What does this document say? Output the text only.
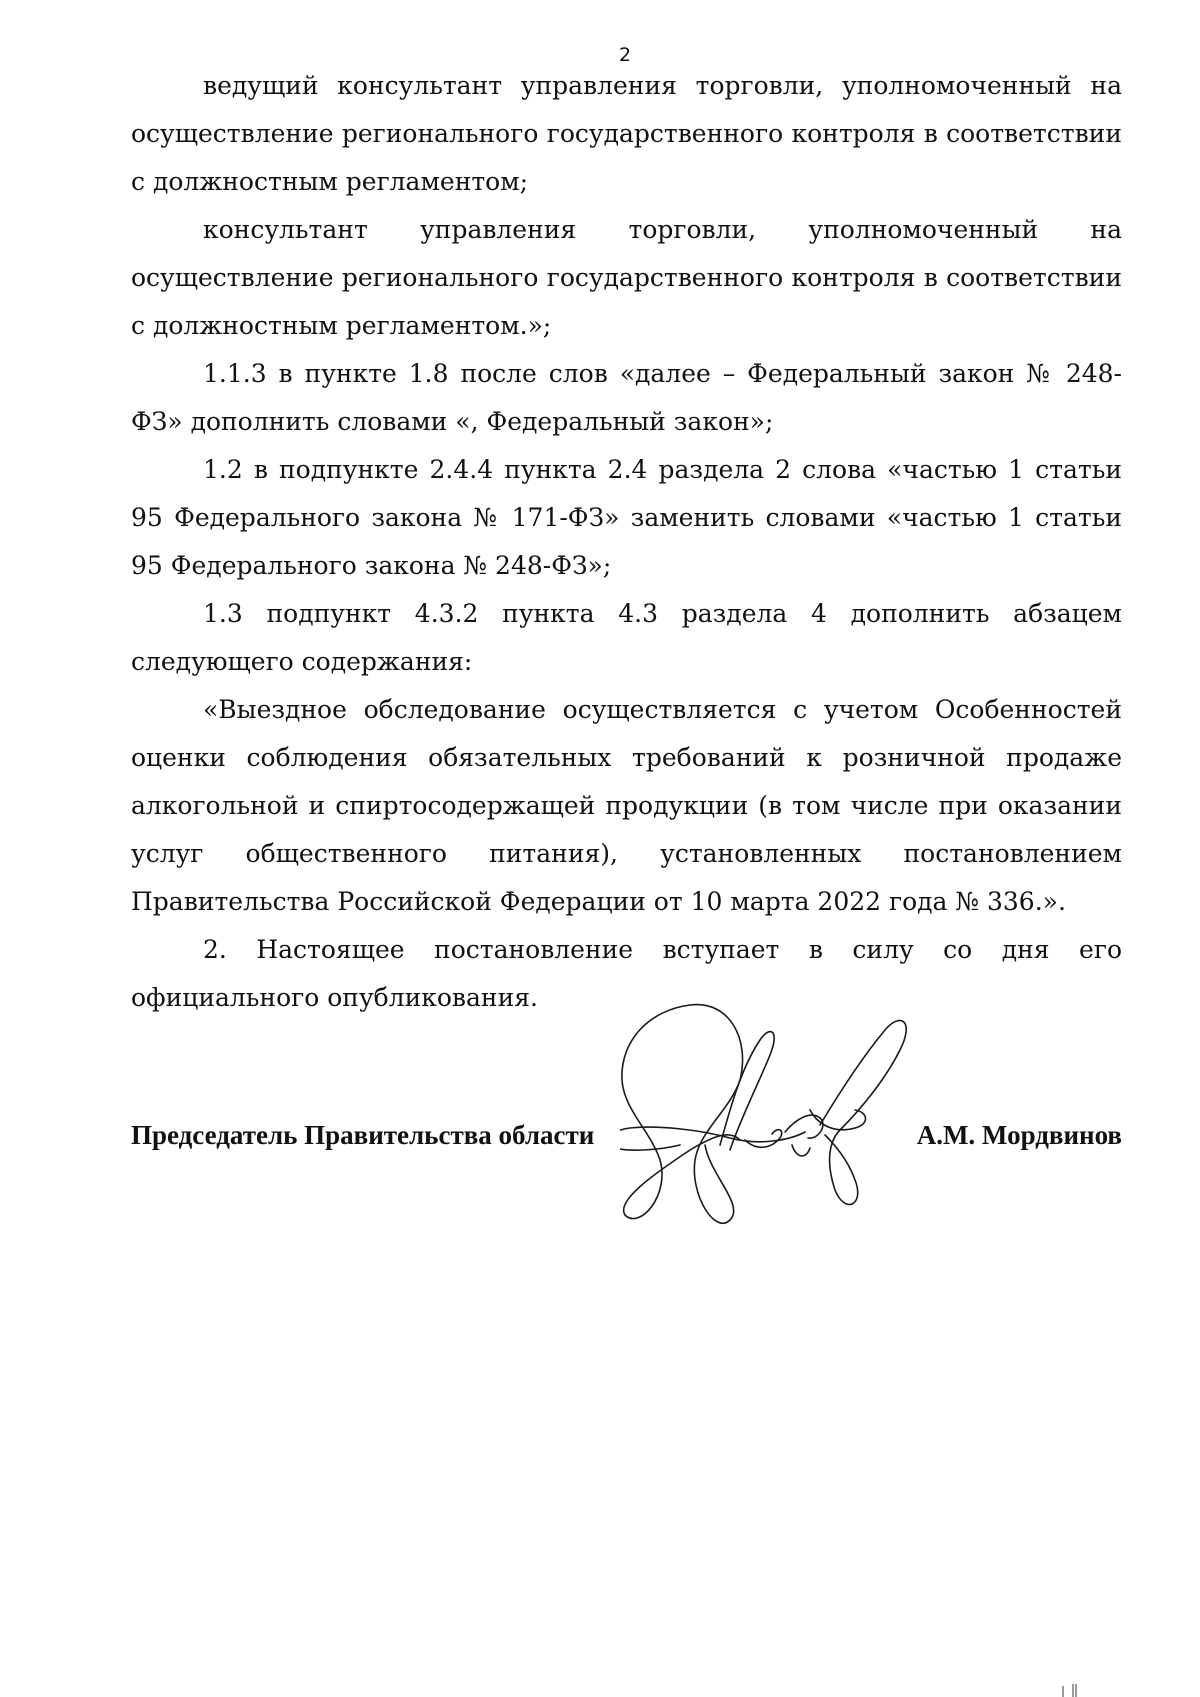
2

ведущий консультант управления торговли, уполномоченный на осуществление регионального государственного контроля в соответствии с должностным регламентом;

консультант управления торговли, уполномоченный на осуществление регионального государственного контроля в соответствии с должностным регламентом.»;

1.1.3 в пункте 1.8 после слов «далее – Федеральный закон № 248-ФЗ» дополнить словами «, Федеральный закон»;

1.2 в подпункте 2.4.4 пункта 2.4 раздела 2 слова «частью 1 статьи 95 Федерального закона № 171-ФЗ» заменить словами «частью 1 статьи 95 Федерального закона № 248-ФЗ»;

1.3 подпункт 4.3.2 пункта 4.3 раздела 4 дополнить абзацем следующего содержания:

«Выездное обследование осуществляется с учетом Особенностей оценки соблюдения обязательных требований к розничной продаже алкогольной и спиртосодержащей продукции (в том числе при оказании услуг общественного питания), установленных постановлением Правительства Российской Федерации от 10 марта 2022 года № 336.».

2. Настоящее постановление вступает в силу со дня его официального опубликования.

Председатель Правительства области	А.М. Мордвинов
